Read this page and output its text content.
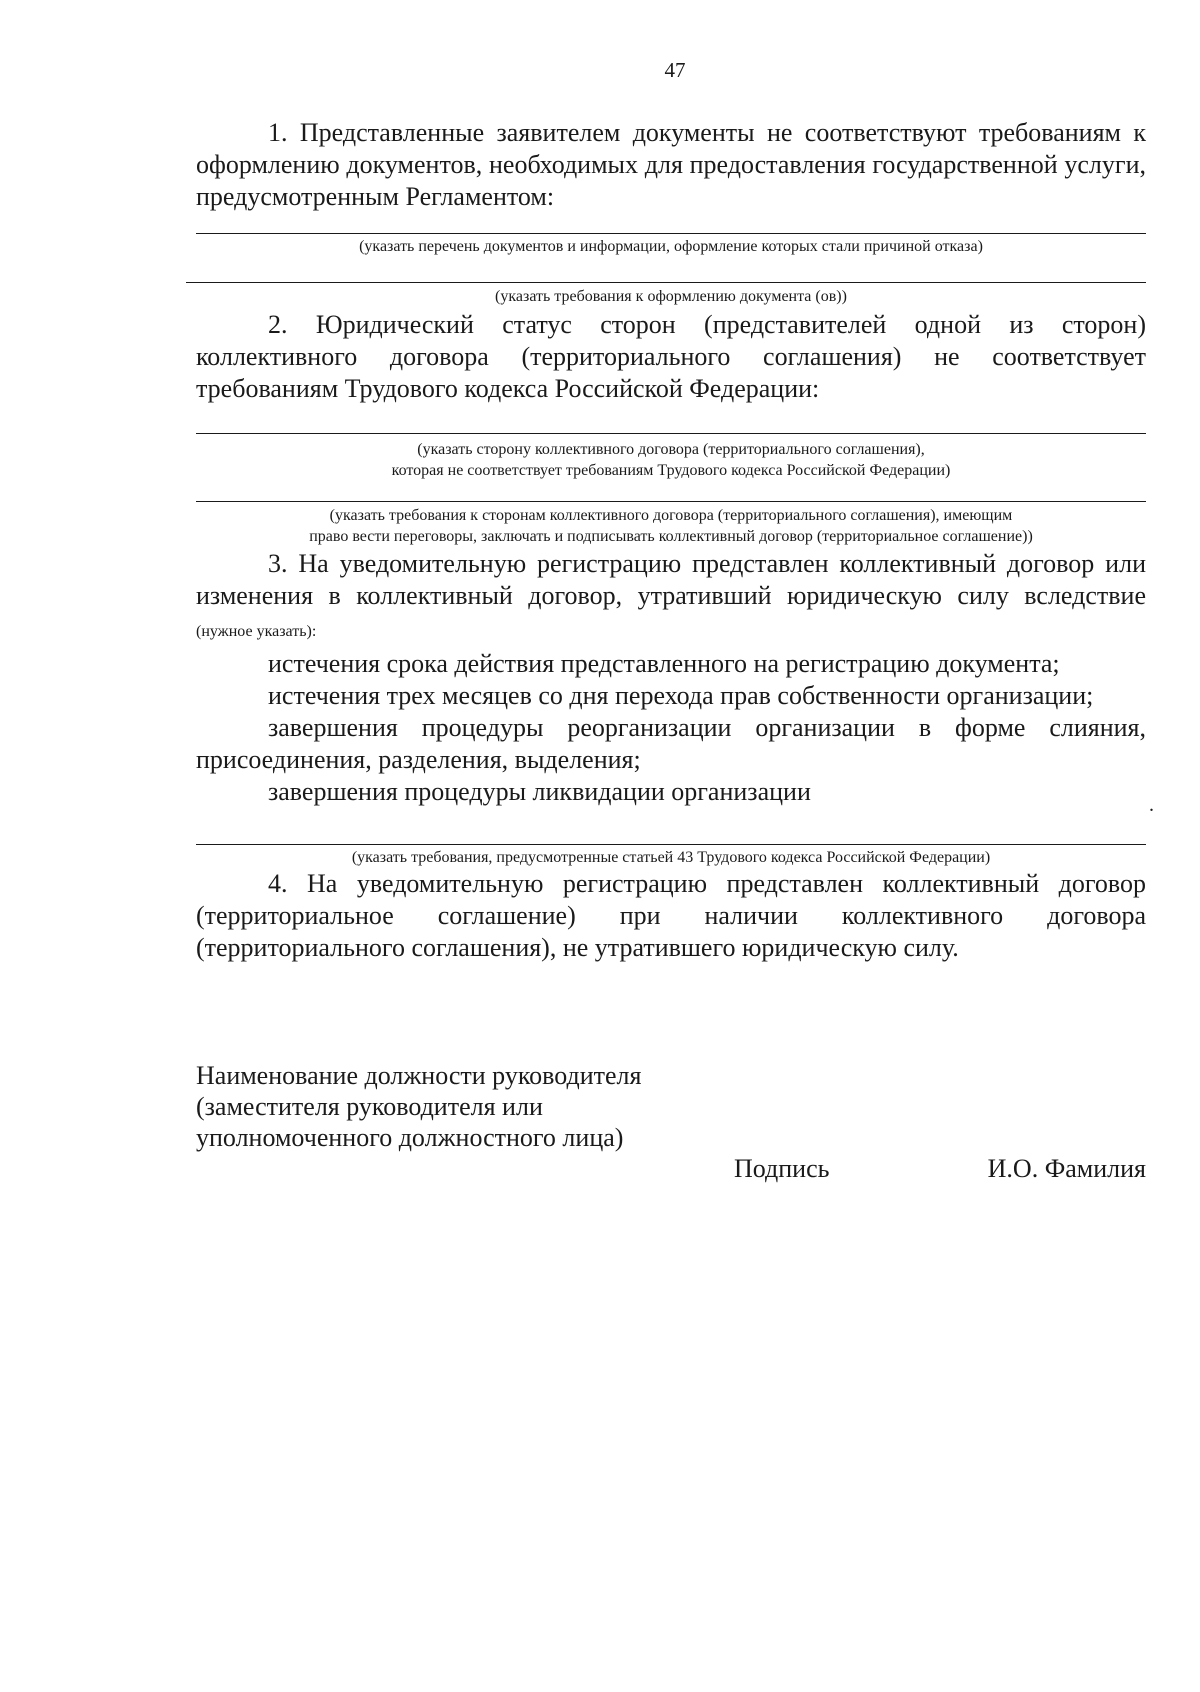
47

1. Представленные заявителем документы не соответствуют требованиям к оформлению документов, необходимых для предоставления государственной услуги, предусмотренным Регламентом:

(указать перечень документов и информации, оформление которых стали причиной отказа)

(указать требования к оформлению документа (ов))

2. Юридический статус сторон (представителей одной из сторон) коллективного договора (территориального соглашения) не соответствует требованиям Трудового кодекса Российской Федерации:

(указать сторону коллективного договора (территориального соглашения),

которая не соответствует требованиям Трудового кодекса Российской Федерации)

(указать требования к сторонам коллективного договора (территориального соглашения), имеющим

право вести переговоры, заключать и подписывать коллективный договор (территориальное соглашение))

3. На уведомительную регистрацию представлен коллективный договор или изменения в коллективный договор, утративший юридическую силу вследствие (нужное указать):

истечения срока действия представленного на регистрацию документа;

истечения трех месяцев со дня перехода прав собственности организации;

завершения процедуры реорганизации организации в форме слияния, присоединения, разделения, выделения;

завершения процедуры ликвидации организации	.

(указать требования, предусмотренные статьей 43 Трудового кодекса Российской Федерации)

4. На уведомительную регистрацию представлен коллективный договор (территориальное соглашение) при наличии коллективного договора (территориального соглашения), не утратившего юридическую силу.

Наименование должности руководителя (заместителя руководителя или уполномоченного должностного лица)
Подпись	И.О. Фамилия
